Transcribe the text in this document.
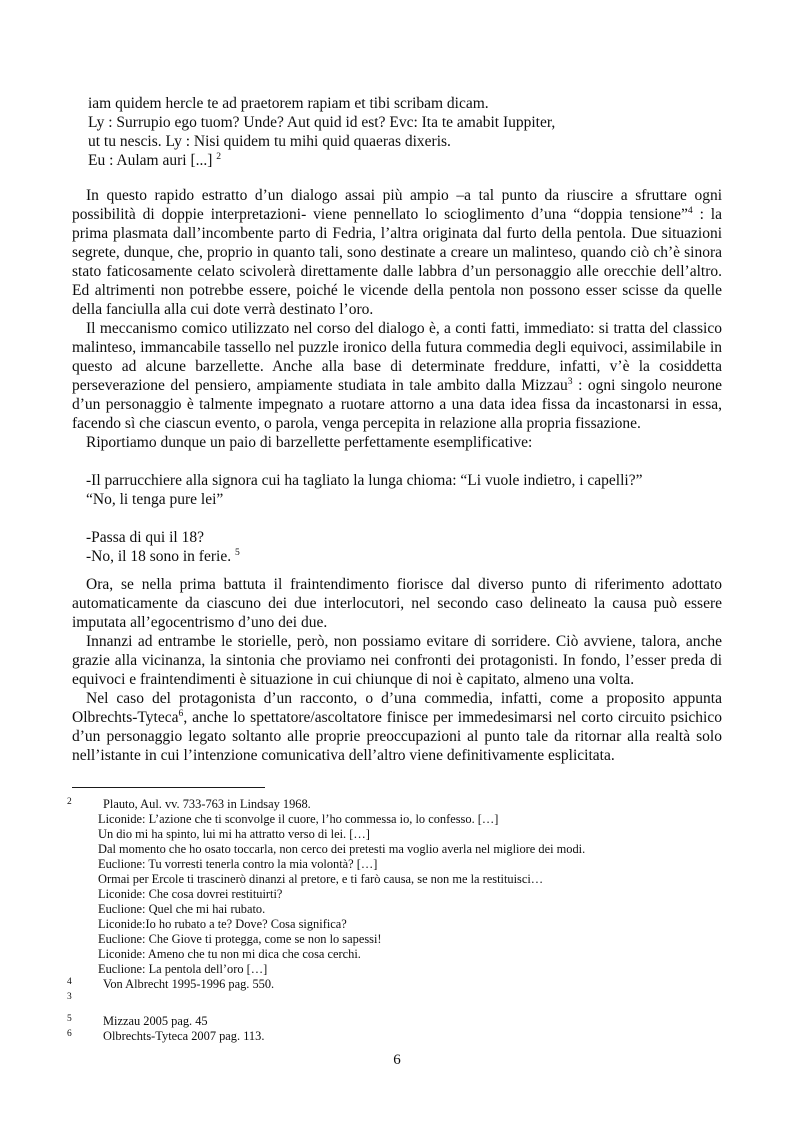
iam quidem hercle te ad praetorem rapiam et tibi scribam dicam.
Ly : Surrupio ego tuom? Unde? Aut quid id est? Evc: Ita te amabit Iuppiter,
ut tu nescis. Ly : Nisi quidem tu mihi quid quaeras dixeris.
Eu : Aulam auri [...] $^2$

In questo rapido estratto d’un dialogo assai più ampio –a tal punto da riuscire a sfruttare ogni possibilità di doppie interpretazioni- viene pennellato lo scioglimento d’una “doppia tensione”$^4$ : la prima plasmata dall’incombente parto di Fedria, l’altra originata dal furto della pentola. Due situazioni segrete, dunque, che, proprio in quanto tali, sono destinate a creare un malinteso, quando ciò ch’è sinora stato faticosamente celato scivolerà direttamente dalle labbra d’un personaggio alle orecchie dell’altro. Ed altrimenti non potrebbe essere, poiché le vicende della pentola non possono esser scisse da quelle della fanciulla alla cui dote verrà destinato l’oro.

Il meccanismo comico utilizzato nel corso del dialogo è, a conti fatti, immediato: si tratta del classico malinteso, immancabile tassello nel puzzle ironico della futura commedia degli equivoci, assimilabile in questo ad alcune barzellette. Anche alla base di determinate freddure, infatti, v’è la cosiddetta perseverazione del pensiero, ampiamente studiata in tale ambito dalla Mizzau$^3$ : ogni singolo neurone d’un personaggio è talmente impegnato a ruotare attorno a una data idea fissa da incastonarsi in essa, facendo sì che ciascun evento, o parola, venga percepita in relazione alla propria fissazione.

Riportiamo dunque un paio di barzellette perfettamente esemplificative:

-Il parrucchiere alla signora cui ha tagliato la lunga chioma: “Li vuole indietro, i capelli?”
“No, li tenga pure lei”
-Passa di qui il 18?
-No, il 18 sono in ferie. $^5$

Ora, se nella prima battuta il fraintendimento fiorisce dal diverso punto di riferimento adottato automaticamente da ciascuno dei due interlocutori, nel secondo caso delineato la causa può essere imputata all’egocentrismo d’uno dei due.

Innanzi ad entrambe le storielle, però, non possiamo evitare di sorridere. Ciò avviene, talora, anche grazie alla vicinanza, la sintonia che proviamo nei confronti dei protagonisti. In fondo, l’esser preda di equivoci e fraintendimenti è situazione in cui chiunque di noi è capitato, almeno una volta.

Nel caso del protagonista d’un racconto, o d’una commedia, infatti, come a proposito appunta Olbrechts-Tyteca$^6$, anche lo spettatore/ascoltatore finisce per immedesimarsi nel corto circuito psichico d’un personaggio legato soltanto alle proprie preoccupazioni al punto tale da ritornar alla realtà solo nell’istante in cui l’intenzione comunicativa dell’altro viene definitivamente esplicitata.

2	Plauto, Aul. vv. 733-763 in Lindsay 1968.
Liconide: L’azione che ti sconvolge il cuore, l’ho commessa io, lo confesso. […]
Un dio mi ha spinto, lui mi ha attratto verso di lei. […]
Dal momento che ho osato toccarla, non cerco dei pretesti ma voglio averla nel migliore dei modi.
Euclione: Tu vorresti tenerla contro la mia volontà? […]
Ormai per Ercole ti trascinerò dinanzi al pretore, e ti farò causa, se non me la restituisci…
Liconide: Che cosa dovrei restituirti?
Euclione: Quel che mi hai rubato.
Liconide:Io ho rubato a te? Dove? Cosa significa?
Euclione: Che Giove ti protegga, come se non lo sapessi!
Liconide: Ameno che tu non mi dica che cosa cerchi.
Euclione: La pentola dell’oro […]
4	Von Albrecht 1995-1996 pag. 550.
3
5	Mizzau 2005 pag. 45
6	Olbrechts-Tyteca 2007 pag. 113.
6
